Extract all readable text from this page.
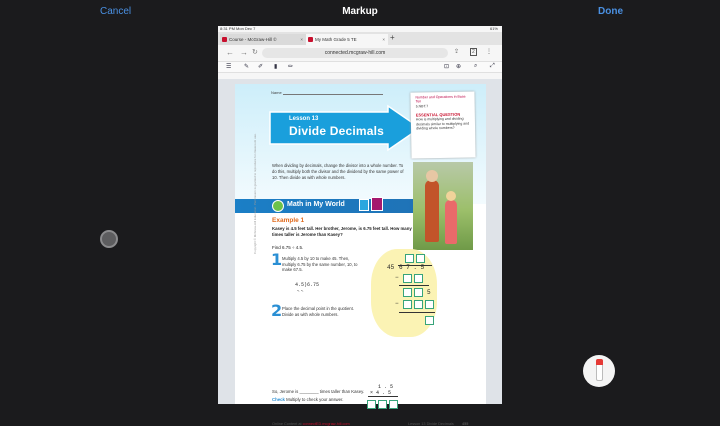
Cancel	Markup	Done
8:31 PM Mon Dec 7	61%
Course - McGraw-Hill ©	×	My Math Grade 5 TE	× +
← → ↻	connected.mcgraw-hill.com	⇪	2	⋮
☰ ✎ ✐ ▮ ✏	⊡ ⊕ ⌕ ⤢
Name
Lesson 13
Divide Decimals
Number and Operations in Base Ten
5.NBT.7
ESSENTIAL QUESTION
How is multiplying and dividing decimals similar to multiplying and dividing whole numbers?

When dividing by decimals, change the divisor into a whole number. To do this, multiply both the divisor and the dividend by the same power of 10. Then divide as with whole numbers.

Math in My World
Copyright © McGraw-Hill Education. Permission is granted to reproduce for classroom use. Example 1

Kasey is 4.5 feet tall. Her brother, Jerome, is 6.75 feet tall. How many times taller is Jerome than Kasey?

Find 6.75 ÷ 4.5.
1 Multiply 4.5 by 10 to make 45. Then, multiply 6.75 by the same number, 10, to make 67.5.

4.5)6.75
↖ ↖
2 Place the decimal point in the quotient. Divide as with whole numbers.

45 6 7 . 5
−
5
−
So, Jerome is ________ times taller than Kasey.
Check Multiply to check your answer.
1 . 5
× 4 . 5
Online Content at connectED.mcgraw-hill.com	Lesson 13 Divide Decimals 455
